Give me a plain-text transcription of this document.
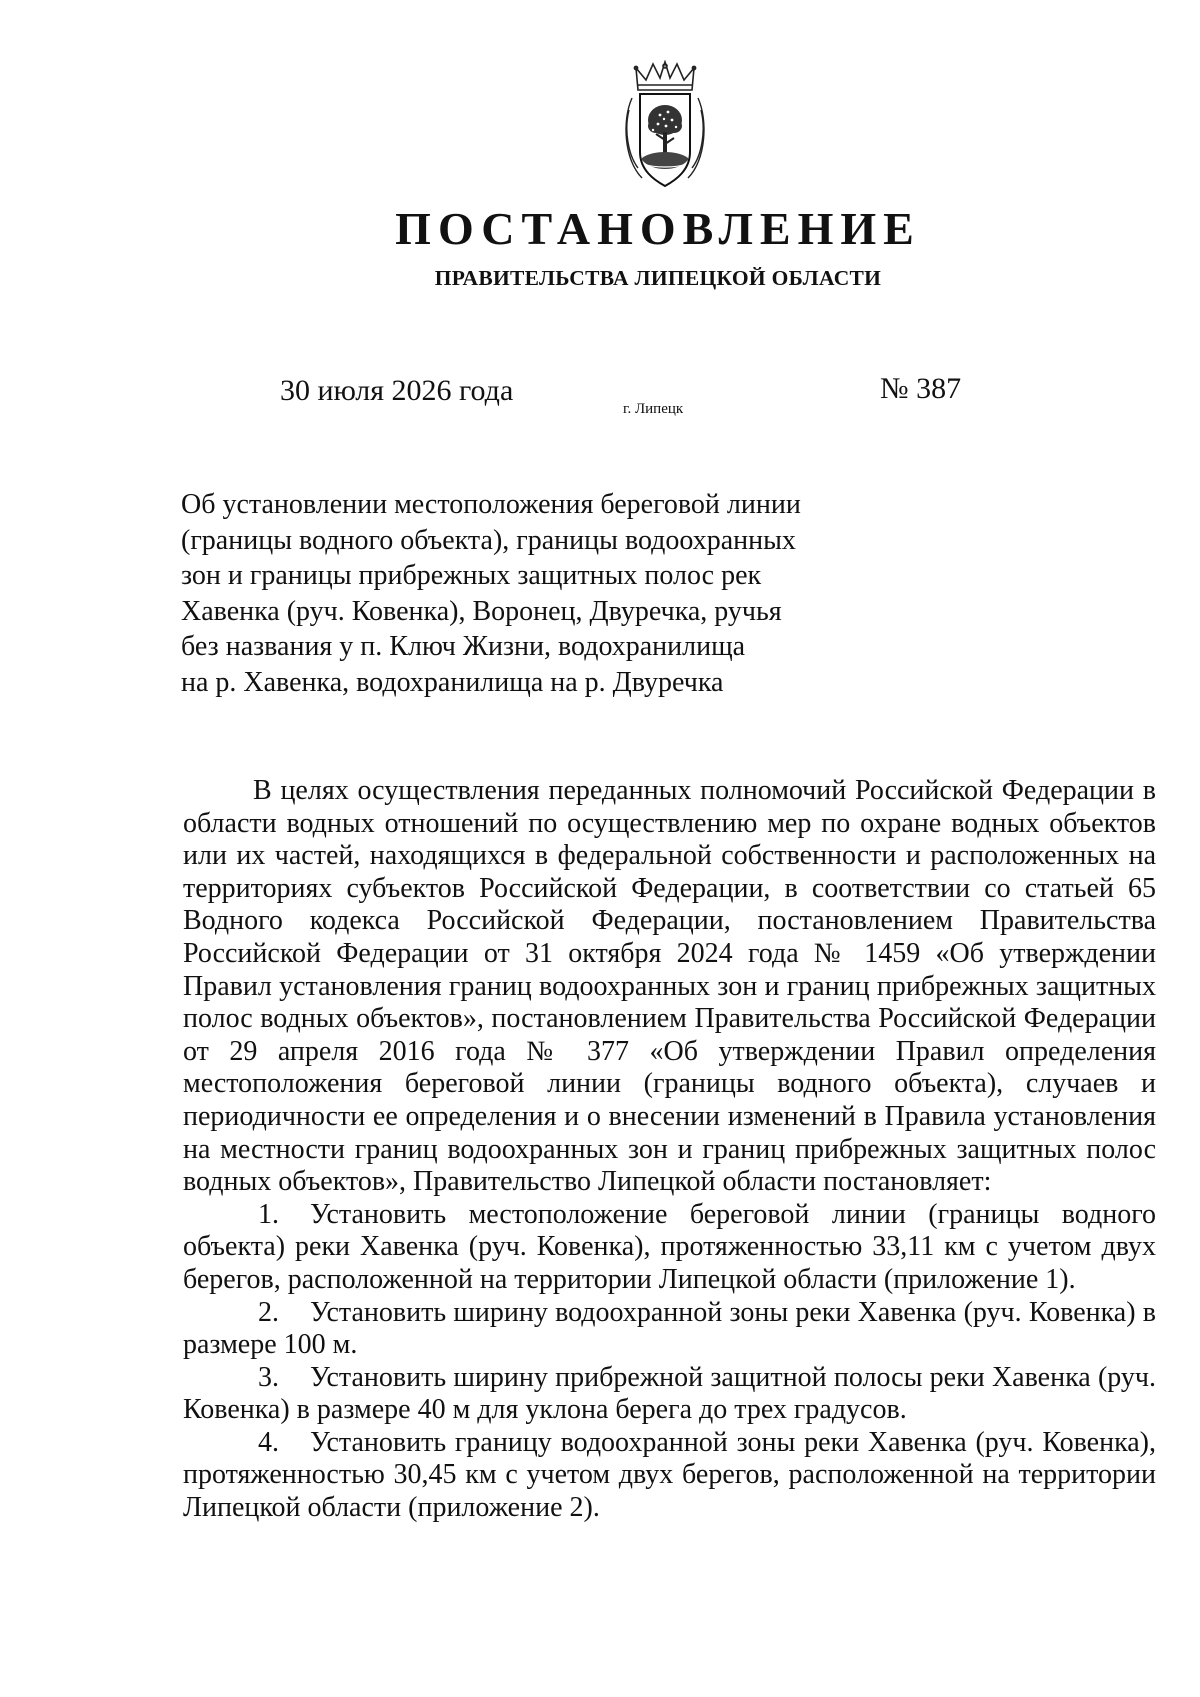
ПОСТАНОВЛЕНИЕ
ПРАВИТЕЛЬСТВА ЛИПЕЦКОЙ ОБЛАСТИ
30 июля 2026 года
г. Липецк
№ 387
Об установлении местоположения береговой линии
(границы водного объекта), границы водоохранных
зон и границы прибрежных защитных полос рек
Хавенка (руч. Ковенка), Воронец, Двуречка, ручья
без названия у п. Ключ Жизни, водохранилища
на р. Хавенка, водохранилища на р. Двуречка

В целях осуществления переданных полномочий Российской Федерации в области водных отношений по осуществлению мер по охране водных объектов или их частей, находящихся в федеральной собственности и расположенных на территориях субъектов Российской Федерации, в соответствии со статьей 65 Водного кодекса Российской Федерации, постановлением Правительства Российской Федерации от 31 октября 2024 года № 1459 «Об утверждении Правил установления границ водоохранных зон и границ прибрежных защитных полос водных объектов», постановлением Правительства Российской Федерации от 29 апреля 2016 года № 377 «Об утверждении Правил определения местоположения береговой линии (границы водного объекта), случаев и периодичности ее определения и о внесении изменений в Правила установления на местности границ водоохранных зон и границ прибрежных защитных полос водных объектов», Правительство Липецкой области постановляет:

1. Установить местоположение береговой линии (границы водного объекта) реки Хавенка (руч. Ковенка), протяженностью 33,11 км с учетом двух берегов, расположенной на территории Липецкой области (приложение 1).

2. Установить ширину водоохранной зоны реки Хавенка (руч. Ковенка) в размере 100 м.

3. Установить ширину прибрежной защитной полосы реки Хавенка (руч. Ковенка) в размере 40 м для уклона берега до трех градусов.

4. Установить границу водоохранной зоны реки Хавенка (руч. Ковенка), протяженностью 30,45 км с учетом двух берегов, расположенной на территории Липецкой области (приложение 2).
